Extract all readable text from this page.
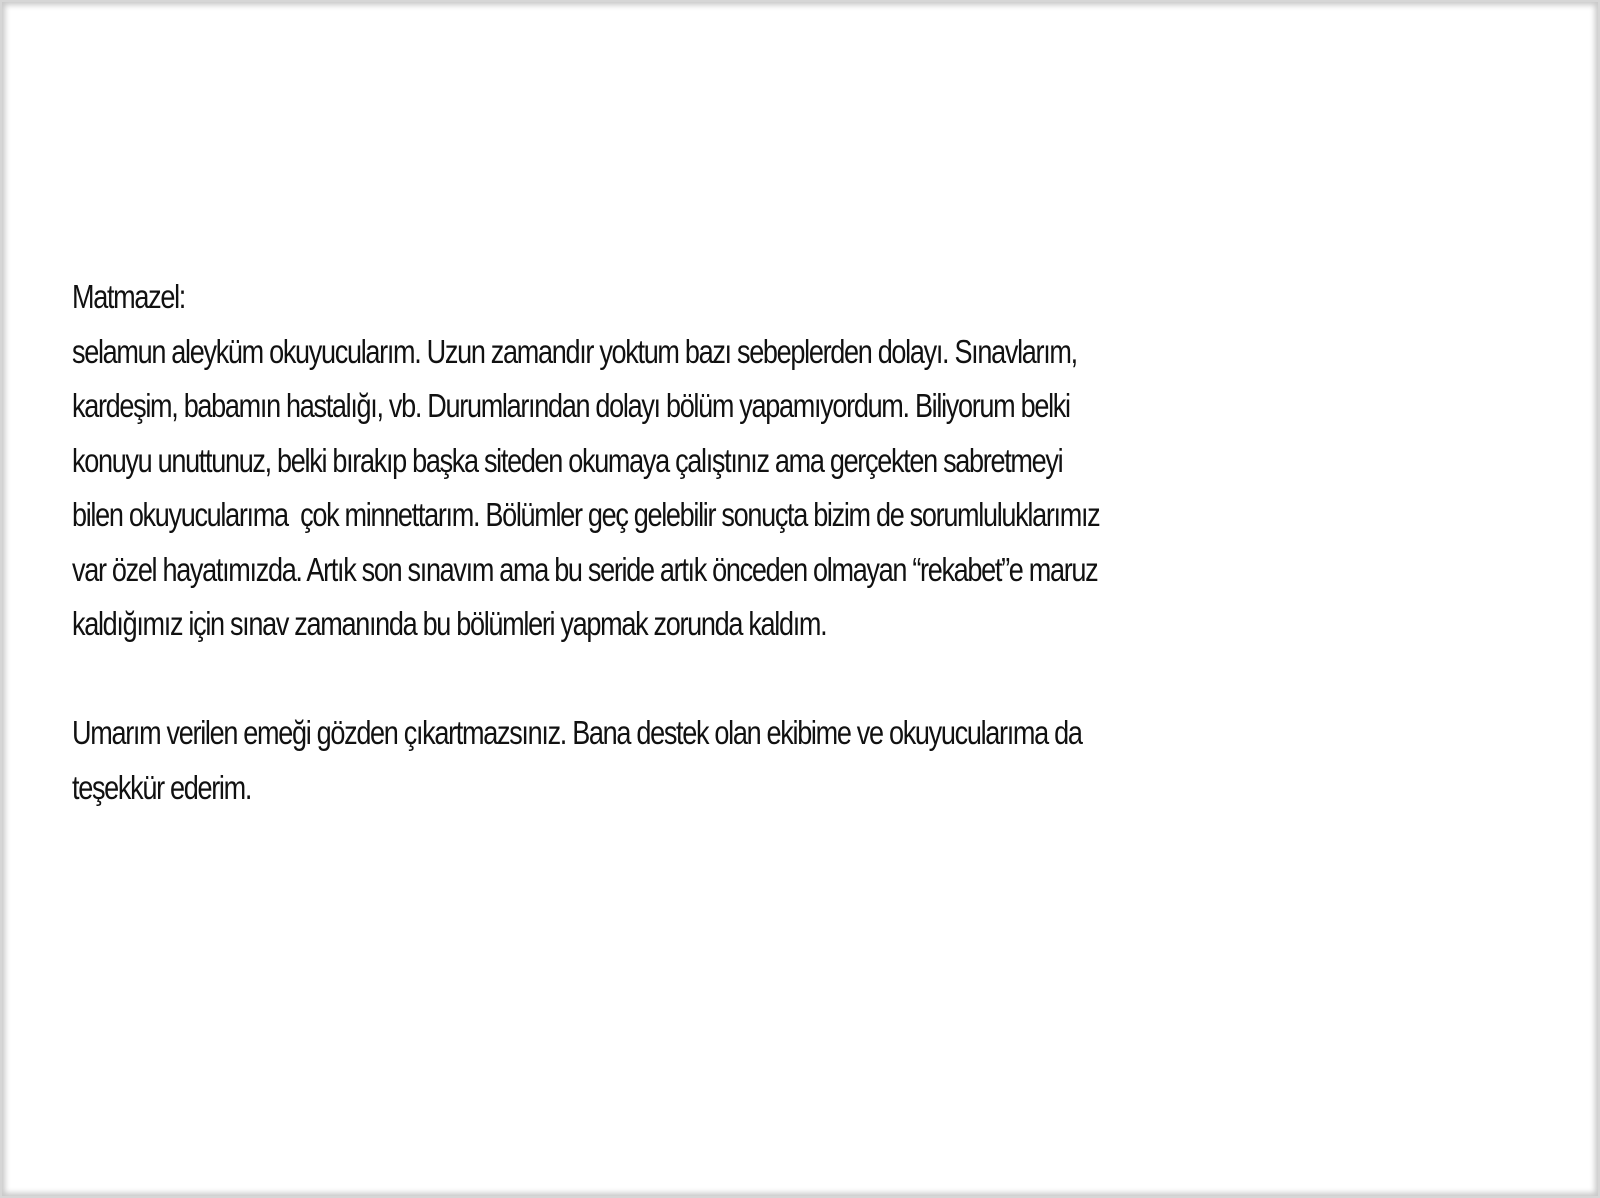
Matmazel:

selamun aleyküm okuyucularım. Uzun zamandır yoktum bazı sebeplerden dolayı. Sınavlarım,

kardeşim, babamın hastalığı, vb. Durumlarından dolayı bölüm yapamıyordum. Biliyorum belki

konuyu unuttunuz, belki bırakıp başka siteden okumaya çalıştınız ama gerçekten sabretmeyi

bilen okuyucularıma  çok minnettarım. Bölümler geç gelebilir sonuçta bizim de sorumluluklarımız

var özel hayatımızda. Artık son sınavım ama bu seride artık önceden olmayan “rekabet”e maruz

kaldığımız için sınav zamanında bu bölümleri yapmak zorunda kaldım.

Umarım verilen emeği gözden çıkartmazsınız. Bana destek olan ekibime ve okuyucularıma da

teşekkür ederim.
